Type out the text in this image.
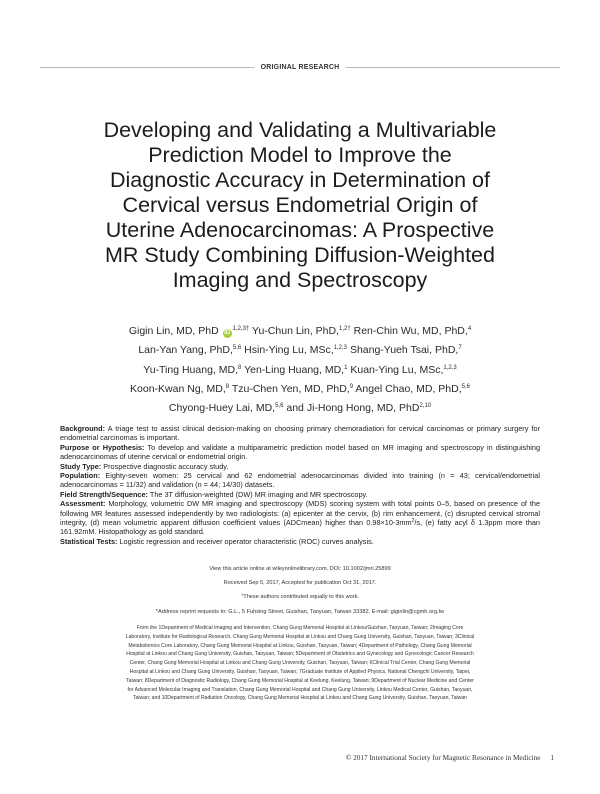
ORIGINAL RESEARCH
Developing and Validating a Multivariable
Prediction Model to Improve the
Diagnostic Accuracy in Determination of
Cervical versus Endometrial Origin of
Uterine Adenocarcinomas: A Prospective
MR Study Combining Diffusion-Weighted
Imaging and Spectroscopy
Gigin Lin, MD, PhD $iD^{1,2,3\dagger}$ Yu-Chun Lin, PhD,$^{1,2\dagger}$ Ren-Chin Wu, MD, PhD,$^4$
Lan-Yan Yang, PhD,$^{5,6}$ Hsin-Ying Lu, MSc,$^{1,2,3}$ Shang-Yueh Tsai, PhD,$^7$
Yu-Ting Huang, MD,$^8$ Yen-Ling Huang, MD,$^1$ Kuan-Ying Lu, MSc,$^{1,2,3}$
Koon-Kwan Ng, MD,$^8$ Tzu-Chen Yen, MD, PhD,$^9$ Angel Chao, MD, PhD,$^{5,6}$
Chyong-Huey Lai, MD,$^{5,6}$ and Ji-Hong Hong, MD, PhD$^{2,10}$

Background: A triage test to assist clinical decision-making on choosing primary chemoradiation for cervical carcinomas or primary surgery for endometrial carcinomas is important.

Purpose or Hypothesis: To develop and validate a multiparametric prediction model based on MR imaging and spectroscopy in distinguishing adenocarcinomas of uterine cervical or endometrial origin.

Study Type: Prospective diagnostic accuracy study.

Population: Eighty-seven women: 25 cervical and 62 endometrial adenocarcinomas divided into training (n = 43; cervical/endometrial adenocarcinomas = 11/32) and validation (n = 44; 14/30) datasets.

Field Strength/Sequence: The 3T diffusion-weighted (DW) MR imaging and MR spectroscopy.

Assessment: Morphology, volumetric DW MR imaging and spectroscopy (MDS) scoring system with total points 0–5, based on presence of the following MR features assessed independently by two radiologists: (a) epicenter at the cervix, (b) rim enhancement, (c) disrupted cervical stromal integrity, (d) mean volumetric apparent diffusion coefficient values (ADCmean) higher than $0.98\times 10-3mm^2/s$, (e) fatty acyl δ 1.3ppm more than 161.92mM. Histopathology as gold standard.

Statistical Tests: Logistic regression and receiver operator characteristic (ROC) curves analysis.

View this article online at wileyonlinelibrary.com. DOI: 10.1002/jmri.25899
Received Sep 5, 2017, Accepted for publication Oct 31, 2017.
†These authors contributed equally to this work.
*Address reprint requests to: G.L., 5 Fuhsing Street, Guishan, Taoyuan, Taiwan 33382. E-mail: giginlin@cgmh.org.tw
From the 1Department of Medical Imaging and Intervention, Chang Gung Memorial Hospital at Linkou/Guishan, Taoyuan, Taiwan; 2Imaging Core
Laboratory, Institute for Radiological Research, Chang Gung Memorial Hospital at Linkou and Chang Gung University, Guishan, Taoyuan, Taiwan; 3Clinical
Metabolomics Core Laboratory, Chang Gung Memorial Hospital at Linkou, Guishan, Taoyuan, Taiwan; 4Department of Pathology, Chang Gung Memorial
Hospital at Linkou and Chang Gung University, Guishan, Taoyuan, Taiwan; 5Department of Obstetrics and Gynecology and Gynecologic Cancer Research
Center, Chang Gung Memorial Hospital at Linkou and Chang Gung University, Guishan, Taoyuan, Taiwan; 6Clinical Trial Center, Chang Gung Memorial
Hospital at Linkou and Chang Gung University, Guishan, Taoyuan, Taiwan; 7Graduate Institute of Applied Physics, National Chengchi University, Taipei,
Taiwan; 8Department of Diagnostic Radiology, Chang Gung Memorial Hospital at Keelung, Keelung, Taiwan; 9Department of Nuclear Medicine and Center
for Advanced Molecular Imaging and Translation, Chang Gung Memorial Hospital and Chang Gung University, Linkou Medical Center, Guishan, Taoyuan,
Taiwan; and 10Department of Radiation Oncology, Chang Gung Memorial Hospital at Linkou and Chang Gung University, Guishan, Taoyuan, Taiwan
© 2017 International Society for Magnetic Resonance in Medicine 1
